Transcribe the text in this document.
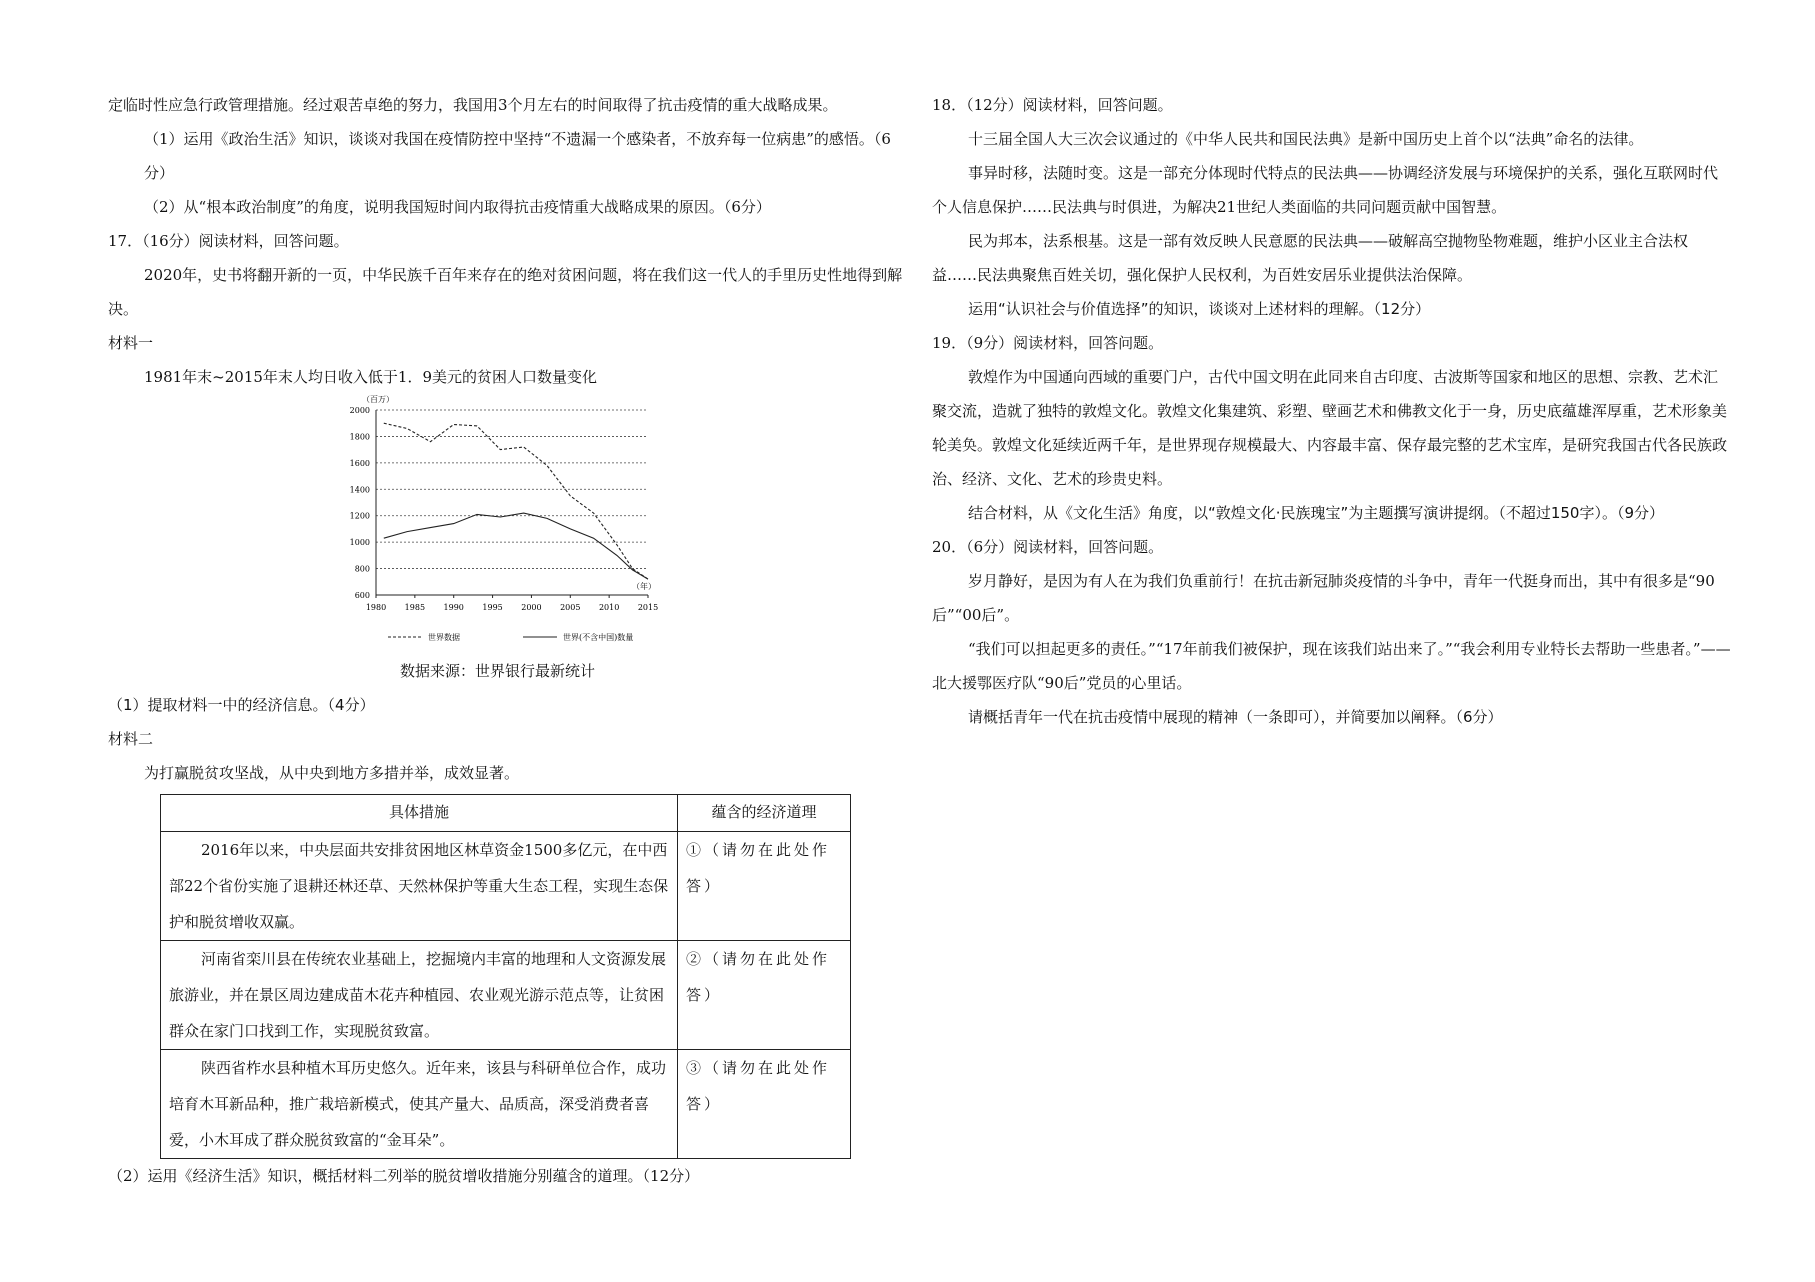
定临时性应急行政管理措施。经过艰苦卓绝的努力，我国用3个月左右的时间取得了抗击疫情的重大战略成果。

（1）运用《政治生活》知识，谈谈对我国在疫情防控中坚持“不遗漏一个感染者，不放弃每一位病患”的感悟。（6分）

（2）从“根本政治制度”的角度，说明我国短时间内取得抗击疫情重大战略成果的原因。（6分）

17．（16分）阅读材料，回答问题。

2020年，史书将翻开新的一页，中华民族千百年来存在的绝对贫困问题，将在我们这一代人的手里历史性地得到解决。

材料一

1981年末~2015年末人均日收入低于1．9美元的贫困人口数量变化
600
800
1000
1200
1400
1600
1800
2000
1980 1985 1990 1995 2000 2005 2010 2015
（百万）
（年）
世界数据	世界(不含中国)数量
数据来源：世界银行最新统计

（1）提取材料一中的经济信息。（4分）

材料二

为打赢脱贫攻坚战，从中央到地方多措并举，成效显著。

具体措施	蕴含的经济道理
2016年以来，中央层面共安排贫困地区林草资金1500多亿元，在中西部22个省份实施了退耕还林还草、天然林保护等重大生态工程，实现生态保护和脱贫增收双赢。	①（请勿在此处作答）
河南省栾川县在传统农业基础上，挖掘境内丰富的地理和人文资源发展旅游业，并在景区周边建成苗木花卉种植园、农业观光游示范点等，让贫困群众在家门口找到工作，实现脱贫致富。	②（请勿在此处作答）
陕西省柞水县种植木耳历史悠久。近年来，该县与科研单位合作，成功培育木耳新品种，推广栽培新模式，使其产量大、品质高，深受消费者喜爱，小木耳成了群众脱贫致富的“金耳朵”。	③（请勿在此处作答）

（2）运用《经济生活》知识，概括材料二列举的脱贫增收措施分别蕴含的道理。（12分）

18．（12分）阅读材料，回答问题。

十三届全国人大三次会议通过的《中华人民共和国民法典》是新中国历史上首个以“法典”命名的法律。

事异时移，法随时变。这是一部充分体现时代特点的民法典——协调经济发展与环境保护的关系，强化互联网时代个人信息保护……民法典与时俱进，为解决21世纪人类面临的共同问题贡献中国智慧。

民为邦本，法系根基。这是一部有效反映人民意愿的民法典——破解高空抛物坠物难题，维护小区业主合法权益……民法典聚焦百姓关切，强化保护人民权利，为百姓安居乐业提供法治保障。

运用“认识社会与价值选择”的知识，谈谈对上述材料的理解。（12分）

19．（9分）阅读材料，回答问题。

敦煌作为中国通向西域的重要门户，古代中国文明在此同来自古印度、古波斯等国家和地区的思想、宗教、艺术汇聚交流，造就了独特的敦煌文化。敦煌文化集建筑、彩塑、壁画艺术和佛教文化于一身，历史底蕴雄浑厚重，艺术形象美轮美奂。敦煌文化延续近两千年，是世界现存规模最大、内容最丰富、保存最完整的艺术宝库，是研究我国古代各民族政治、经济、文化、艺术的珍贵史料。

结合材料，从《文化生活》角度，以“敦煌文化·民族瑰宝”为主题撰写演讲提纲。（不超过150字）。（9分）

20．（6分）阅读材料，回答问题。

岁月静好，是因为有人在为我们负重前行！在抗击新冠肺炎疫情的斗争中，青年一代挺身而出，其中有很多是“90后”“00后”。

“我们可以担起更多的责任。”“17年前我们被保护，现在该我们站出来了。”“我会利用专业特长去帮助一些患者。”——北大援鄂医疗队“90后”党员的心里话。

请概括青年一代在抗击疫情中展现的精神（一条即可），并简要加以阐释。（6分）
